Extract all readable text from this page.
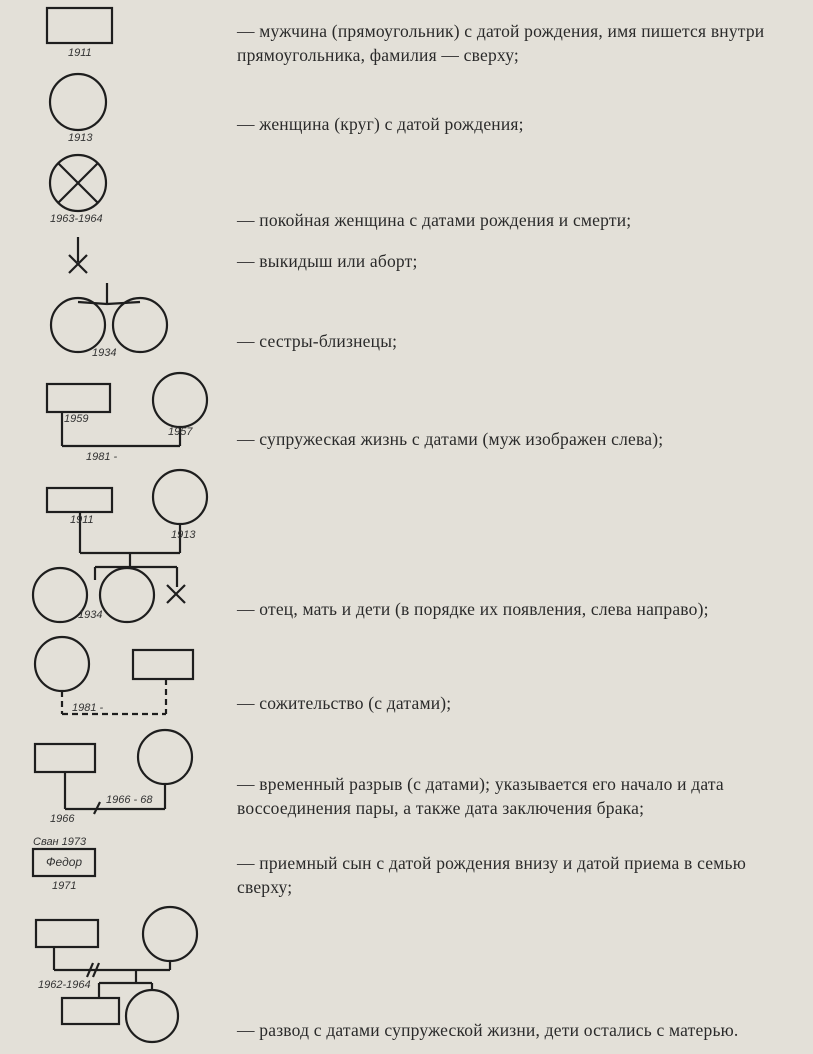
1911
1913
1963-1964
1934
1959
1957
1981 -
1911
1913
1934
1981 -
1966 - 68
1966
Сван 1973
Федор
1971
1962-1964
— мужчина (прямоугольник) с датой рождения, имя пишется внутри прямоугольника, фамилия — сверху;
— женщина (круг) с датой рождения;
— покойная женщина с датами рождения и смерти;
— выкидыш или аборт;
— сестры-близнецы;
— супружеская жизнь с датами (муж изображен слева);
— отец, мать и дети (в порядке их появления, слева направо);
— сожительство (с датами);
— временный разрыв (с датами); указывается его начало и дата воссоединения пары, а также дата заключения брака;
— приемный сын с датой рождения внизу и датой приема в семью сверху;
— развод с датами супружеской жизни, дети остались с матерью.
